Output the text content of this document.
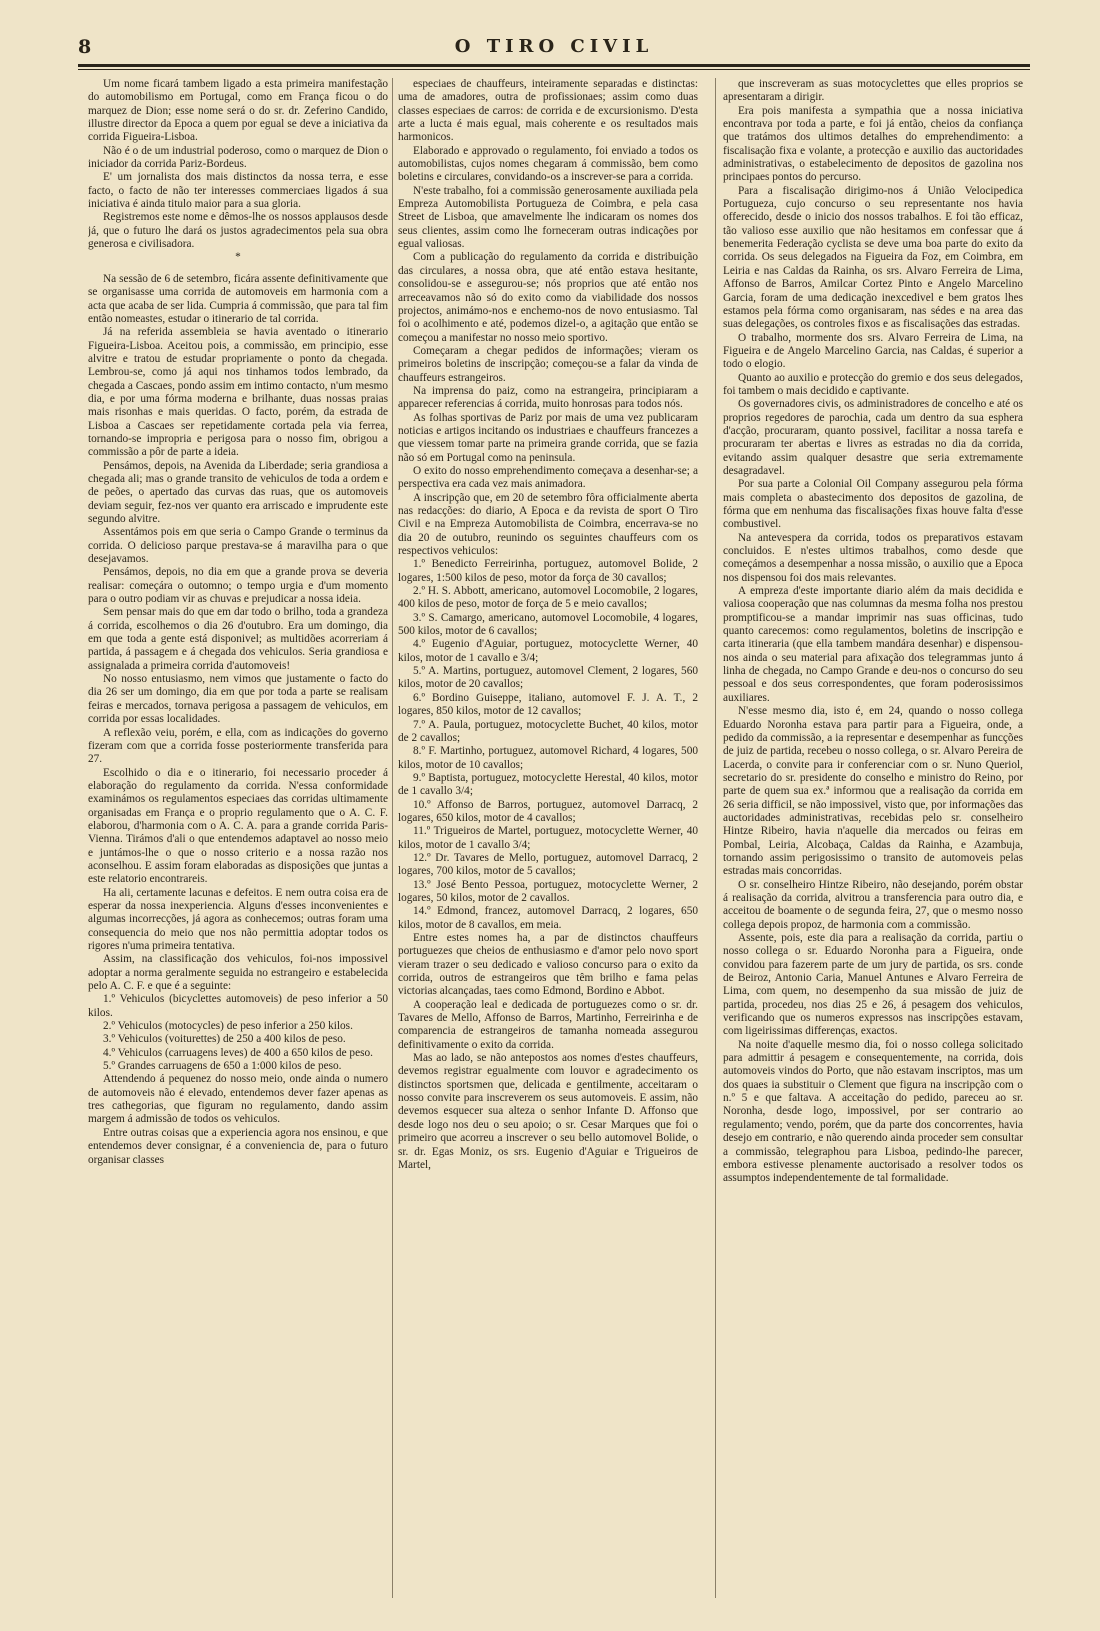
O TIRO CIVIL
8

Um nome ficará tambem ligado a esta primeira manifestação do automobilismo em Portugal, como em França ficou o do marquez de Dion; esse nome será o do sr. dr. Zeferino Candido, illustre director da Epoca a quem por egual se deve a iniciativa da corrida Figueira-Lisboa.

Não é o de um industrial poderoso, como o marquez de Dion o iniciador da corrida Pariz-Bordeus.

E' um jornalista dos mais distinctos da nossa terra, e esse facto, o facto de não ter interesses commerciaes ligados á sua iniciativa é ainda titulo maior para a sua gloria.

Registremos este nome e dêmos-lhe os nossos applausos desde já, que o futuro lhe dará os justos agradecimentos pela sua obra generosa e civilisadora.

*

Na sessão de 6 de setembro, ficára assente definitivamente que se organisasse uma corrida de automoveis em harmonia com a acta que acaba de ser lida. Cumpria á commissão, que para tal fim então nomeastes, estudar o itinerario de tal corrida.

Já na referida assembleia se havia aventado o itinerario Figueira-Lisboa. Aceitou pois, a commissão, em principio, esse alvitre e tratou de estudar propriamente o ponto da chegada. Lembrou-se, como já aqui nos tinhamos todos lembrado, da chegada a Cascaes, pondo assim em intimo contacto, n'um mesmo dia, e por uma fórma moderna e brilhante, duas nossas praias mais risonhas e mais queridas. O facto, porém, da estrada de Lisboa a Cascaes ser repetidamente cortada pela via ferrea, tornando-se impropria e perigosa para o nosso fim, obrigou a commissão a pôr de parte a ideia.

Pensámos, depois, na Avenida da Liberdade; seria grandiosa a chegada ali; mas o grande transito de vehiculos de toda a ordem e de peões, o apertado das curvas das ruas, que os automoveis deviam seguir, fez-nos ver quanto era arriscado e imprudente este segundo alvitre.

Assentámos pois em que seria o Campo Grande o terminus da corrida. O delicioso parque prestava-se á maravilha para o que desejavamos.

Pensámos, depois, no dia em que a grande prova se deveria realisar: começára o outomno; o tempo urgia e d'um momento para o outro podiam vir as chuvas e prejudicar a nossa ideia.

Sem pensar mais do que em dar todo o brilho, toda a grandeza á corrida, escolhemos o dia 26 d'outubro. Era um domingo, dia em que toda a gente está disponivel; as multidões acorreriam á partida, á passagem e á chegada dos vehiculos. Seria grandiosa e assignalada a primeira corrida d'automoveis!

No nosso entusiasmo, nem vimos que justamente o facto do dia 26 ser um domingo, dia em que por toda a parte se realisam feiras e mercados, tornava perigosa a passagem de vehiculos, em corrida por essas localidades.

A reflexão veiu, porém, e ella, com as indicações do governo fizeram com que a corrida fosse posteriormente transferida para 27.

Escolhido o dia e o itinerario, foi necessario proceder á elaboração do regulamento da corrida. N'essa conformidade examinámos os regulamentos especiaes das corridas ultimamente organisadas em França e o proprio regulamento que o A. C. F. elaborou, d'harmonia com o A. C. A. para a grande corrida Paris-Vienna. Tirámos d'ali o que entendemos adaptavel ao nosso meio e juntámos-lhe o que o nosso criterio e a nossa razão nos aconselhou. E assim foram elaboradas as disposições que juntas a este relatorio encontrareis.

Ha ali, certamente lacunas e defeitos. E nem outra coisa era de esperar da nossa inexperiencia. Alguns d'esses inconvenientes e algumas incorrecções, já agora as conhecemos; outras foram uma consequencia do meio que nos não permittia adoptar todos os rigores n'uma primeira tentativa.

Assim, na classificação dos vehiculos, foi-nos impossivel adoptar a norma geralmente seguida no estrangeiro e estabelecida pelo A. C. F. e que é a seguinte:

1.º Vehiculos (bicyclettes automoveis) de peso inferior a 50 kilos.

2.º Vehiculos (motocycles) de peso inferior a 250 kilos.

3.º Vehiculos (voiturettes) de 250 a 400 kilos de peso.

4.º Vehiculos (carruagens leves) de 400 a 650 kilos de peso.

5.º Grandes carruagens de 650 a 1:000 kilos de peso.

Attendendo á pequenez do nosso meio, onde ainda o numero de automoveis não é elevado, entendemos dever fazer apenas as tres cathegorias, que figuram no regulamento, dando assim margem á admissão de todos os vehiculos.

Entre outras coisas que a experiencia agora nos ensinou, e que entendemos dever consignar, é a conveniencia de, para o futuro organisar classes

especiaes de chauffeurs, inteiramente separadas e distinctas: uma de amadores, outra de profissionaes; assim como duas classes especiaes de carros: de corrida e de excursionismo. D'esta arte a lucta é mais egual, mais coherente e os resultados mais harmonicos.

Elaborado e approvado o regulamento, foi enviado a todos os automobilistas, cujos nomes chegaram á commissão, bem como boletins e circulares, convidando-os a inscrever-se para a corrida.

N'este trabalho, foi a commissão generosamente auxiliada pela Empreza Automobilista Portugueza de Coimbra, e pela casa Street de Lisboa, que amavelmente lhe indicaram os nomes dos seus clientes, assim como lhe forneceram outras indicações por egual valiosas.

Com a publicação do regulamento da corrida e distribuição das circulares, a nossa obra, que até então estava hesitante, consolidou-se e assegurou-se; nós proprios que até então nos arreceavamos não só do exito como da viabilidade dos nossos projectos, animámo-nos e enchemo-nos de novo entusiasmo. Tal foi o acolhimento e até, podemos dizel-o, a agitação que então se começou a manifestar no nosso meio sportivo.

Começaram a chegar pedidos de informações; vieram os primeiros boletins de inscripção; começou-se a falar da vinda de chauffeurs estrangeiros.

Na imprensa do paiz, como na estrangeira, principiaram a apparecer referencias á corrida, muito honrosas para todos nós.

As folhas sportivas de Pariz por mais de uma vez publicaram noticias e artigos incitando os industriaes e chauffeurs francezes a que viessem tomar parte na primeira grande corrida, que se fazia não só em Portugal como na peninsula.

O exito do nosso emprehendimento começava a desenhar-se; a perspectiva era cada vez mais animadora.

A inscripção que, em 20 de setembro fôra officialmente aberta nas redacções: do diario, A Epoca e da revista de sport O Tiro Civil e na Empreza Automobilista de Coimbra, encerrava-se no dia 20 de outubro, reunindo os seguintes chauffeurs com os respectivos vehiculos:

1.º Benedicto Ferreirinha, portuguez, automovel Bolide, 2 logares, 1:500 kilos de peso, motor da força de 30 cavallos;

2.º H. S. Abbott, americano, automovel Locomobile, 2 logares, 400 kilos de peso, motor de força de 5 e meio cavallos;

3.º S. Camargo, americano, automovel Locomobile, 4 logares, 500 kilos, motor de 6 cavallos;

4.º Eugenio d'Aguiar, portuguez, motocyclette Werner, 40 kilos, motor de 1 cavallo e 3/4;

5.º A. Martins, portuguez, automovel Clement, 2 logares, 560 kilos, motor de 20 cavallos;

6.º Bordino Guiseppe, italiano, automovel F. J. A. T., 2 logares, 850 kilos, motor de 12 cavallos;

7.º A. Paula, portuguez, motocyclette Buchet, 40 kilos, motor de 2 cavallos;

8.º F. Martinho, portuguez, automovel Richard, 4 logares, 500 kilos, motor de 10 cavallos;

9.º Baptista, portuguez, motocyclette Herestal, 40 kilos, motor de 1 cavallo 3/4;

10.º Affonso de Barros, portuguez, automovel Darracq, 2 logares, 650 kilos, motor de 4 cavallos;

11.º Trigueiros de Martel, portuguez, motocyclette Werner, 40 kilos, motor de 1 cavallo 3/4;

12.º Dr. Tavares de Mello, portuguez, automovel Darracq, 2 logares, 700 kilos, motor de 5 cavallos;

13.º José Bento Pessoa, portuguez, motocyclette Werner, 2 logares, 50 kilos, motor de 2 cavallos.

14.º Edmond, francez, automovel Darracq, 2 logares, 650 kilos, motor de 8 cavallos, em meia.

Entre estes nomes ha, a par de distinctos chauffeurs portuguezes que cheios de enthusiasmo e d'amor pelo novo sport vieram trazer o seu dedicado e valioso concurso para o exito da corrida, outros de estrangeiros que têm brilho e fama pelas victorias alcançadas, taes como Edmond, Bordino e Abbot.

A cooperação leal e dedicada de portuguezes como o sr. dr. Tavares de Mello, Affonso de Barros, Martinho, Ferreirinha e de comparencia de estrangeiros de tamanha nomeada assegurou definitivamente o exito da corrida.

Mas ao lado, se não antepostos aos nomes d'estes chauffeurs, devemos registrar egualmente com louvor e agradecimento os distinctos sportsmen que, delicada e gentilmente, acceitaram o nosso convite para inscreverem os seus automoveis. E assim, não devemos esquecer sua alteza o senhor Infante D. Affonso que desde logo nos deu o seu apoio; o sr. Cesar Marques que foi o primeiro que acorreu a inscrever o seu bello automovel Bolide, o sr. dr. Egas Moniz, os srs. Eugenio d'Aguiar e Trigueiros de Martel,

que inscreveram as suas motocyclettes que elles proprios se apresentaram a dirigir.

Era pois manifesta a sympathia que a nossa iniciativa encontrava por toda a parte, e foi já então, cheios da confiança que tratámos dos ultimos detalhes do emprehendimento: a fiscalisação fixa e volante, a protecção e auxilio das auctoridades administrativas, o estabelecimento de depositos de gazolina nos principaes pontos do percurso.

Para a fiscalisação dirigimo-nos á União Velocipedica Portugueza, cujo concurso o seu representante nos havia offerecido, desde o inicio dos nossos trabalhos. E foi tão efficaz, tão valioso esse auxilio que não hesitamos em confessar que á benemerita Federação cyclista se deve uma boa parte do exito da corrida. Os seus delegados na Figueira da Foz, em Coimbra, em Leiria e nas Caldas da Rainha, os srs. Alvaro Ferreira de Lima, Affonso de Barros, Amilcar Cortez Pinto e Angelo Marcelino Garcia, foram de uma dedicação inexcedivel e bem gratos lhes estamos pela fórma como organisaram, nas sédes e na area das suas delegações, os controles fixos e as fiscalisações das estradas.

O trabalho, mormente dos srs. Alvaro Ferreira de Lima, na Figueira e de Angelo Marcelino Garcia, nas Caldas, é superior a todo o elogio.

Quanto ao auxilio e protecção do gremio e dos seus delegados, foi tambem o mais decidido e captivante.

Os governadores civis, os administradores de concelho e até os proprios regedores de parochia, cada um dentro da sua esphera d'acção, procuraram, quanto possivel, facilitar a nossa tarefa e procuraram ter abertas e livres as estradas no dia da corrida, evitando assim qualquer desastre que seria extremamente desagradavel.

Por sua parte a Colonial Oil Company assegurou pela fórma mais completa o abastecimento dos depositos de gazolina, de fórma que em nenhuma das fiscalisações fixas houve falta d'esse combustivel.

Na antevespera da corrida, todos os preparativos estavam concluidos. E n'estes ultimos trabalhos, como desde que começámos a desempenhar a nossa missão, o auxilio que a Epoca nos dispensou foi dos mais relevantes.

A empreza d'este importante diario além da mais decidida e valiosa cooperação que nas columnas da mesma folha nos prestou promptificou-se a mandar imprimir nas suas officinas, tudo quanto carecemos: como regulamentos, boletins de inscripção e carta itineraria (que ella tambem mandára desenhar) e dispensou-nos ainda o seu material para afixação dos telegrammas junto á linha de chegada, no Campo Grande e deu-nos o concurso do seu pessoal e dos seus correspondentes, que foram poderosissimos auxiliares.

N'esse mesmo dia, isto é, em 24, quando o nosso collega Eduardo Noronha estava para partir para a Figueira, onde, a pedido da commissão, a ia representar e desempenhar as funcções de juiz de partida, recebeu o nosso collega, o sr. Alvaro Pereira de Lacerda, o convite para ir conferenciar com o sr. Nuno Queriol, secretario do sr. presidente do conselho e ministro do Reino, por parte de quem sua ex.ª informou que a realisação da corrida em 26 seria difficil, se não impossivel, visto que, por informações das auctoridades administrativas, recebidas pelo sr. conselheiro Hintze Ribeiro, havia n'aquelle dia mercados ou feiras em Pombal, Leiria, Alcobaça, Caldas da Rainha, e Azambuja, tornando assim perigosissimo o transito de automoveis pelas estradas mais concorridas.

O sr. conselheiro Hintze Ribeiro, não desejando, porém obstar á realisação da corrida, alvitrou a transferencia para outro dia, e acceitou de boamente o de segunda feira, 27, que o mesmo nosso collega depois propoz, de harmonia com a commissão.

Assente, pois, este dia para a realisação da corrida, partiu o nosso collega o sr. Eduardo Noronha para a Figueira, onde convidou para fazerem parte de um jury de partida, os srs. conde de Beiroz, Antonio Caria, Manuel Antunes e Alvaro Ferreira de Lima, com quem, no desempenho da sua missão de juiz de partida, procedeu, nos dias 25 e 26, á pesagem dos vehiculos, verificando que os numeros expressos nas inscripções estavam, com ligeirissimas differenças, exactos.

Na noite d'aquelle mesmo dia, foi o nosso collega solicitado para admittir á pesagem e consequentemente, na corrida, dois automoveis vindos do Porto, que não estavam inscriptos, mas um dos quaes ia substituir o Clement que figura na inscripção com o n.º 5 e que faltava. A acceitação do pedido, pareceu ao sr. Noronha, desde logo, impossivel, por ser contrario ao regulamento; vendo, porém, que da parte dos concorrentes, havia desejo em contrario, e não querendo ainda proceder sem consultar a commissão, telegraphou para Lisboa, pedindo-lhe parecer, embora estivesse plenamente auctorisado a resolver todos os assumptos independentemente de tal formalidade.
